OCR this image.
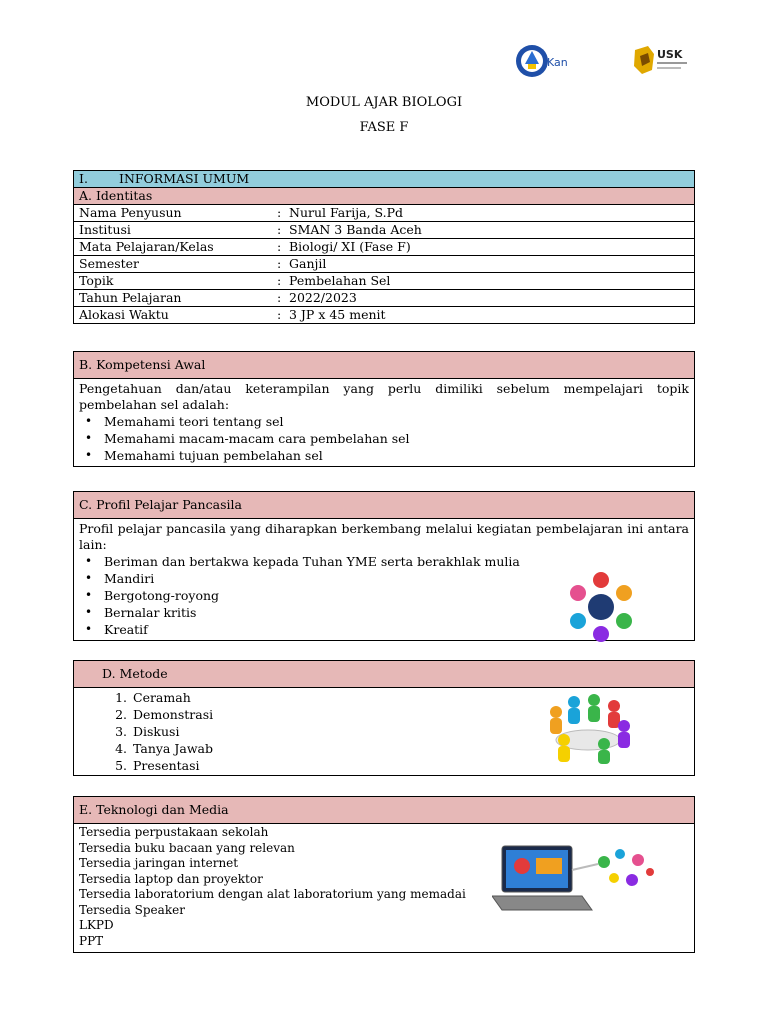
Kan
USK
MODUL AJAR BIOLOGI
FASE F
I. INFORMASI UMUM	
A. Identitas	
Nama Penyusun	: Nurul Farija, S.Pd
Institusi	: SMAN 3 Banda Aceh
Mata Pelajaran/Kelas	: Biologi/ XI (Fase F)
Semester	: Ganjil
Topik	: Pembelahan Sel
Tahun Pelajaran	: 2022/2023
Alokasi Waktu	: 3 JP x 45 menit
B. Kompetensi Awal

Pengetahuan dan/atau keterampilan yang perlu dimiliki sebelum mempelajari topik pembelahan sel adalah:
• Memahami teori tentang sel
• Memahami macam-macam cara pembelahan sel
• Memahami tujuan pembelahan sel
C. Profil Pelajar Pancasila

Profil pelajar pancasila yang diharapkan berkembang melalui kegiatan pembelajaran ini antara lain:
• Beriman dan bertakwa kepada Tuhan YME serta berakhlak mulia
• Mandiri
• Bergotong-royong
• Bernalar kritis
• Kreatif
D. Metode

1. Ceramah
2. Demonstrasi
3. Diskusi
4. Tanya Jawab
5. Presentasi
E. Teknologi dan Media

Tersedia perpustakaan sekolah
Tersedia buku bacaan yang relevan
Tersedia jaringan internet
Tersedia laptop dan proyektor
Tersedia laboratorium dengan alat laboratorium yang memadai
Tersedia Speaker
LKPD
PPT
